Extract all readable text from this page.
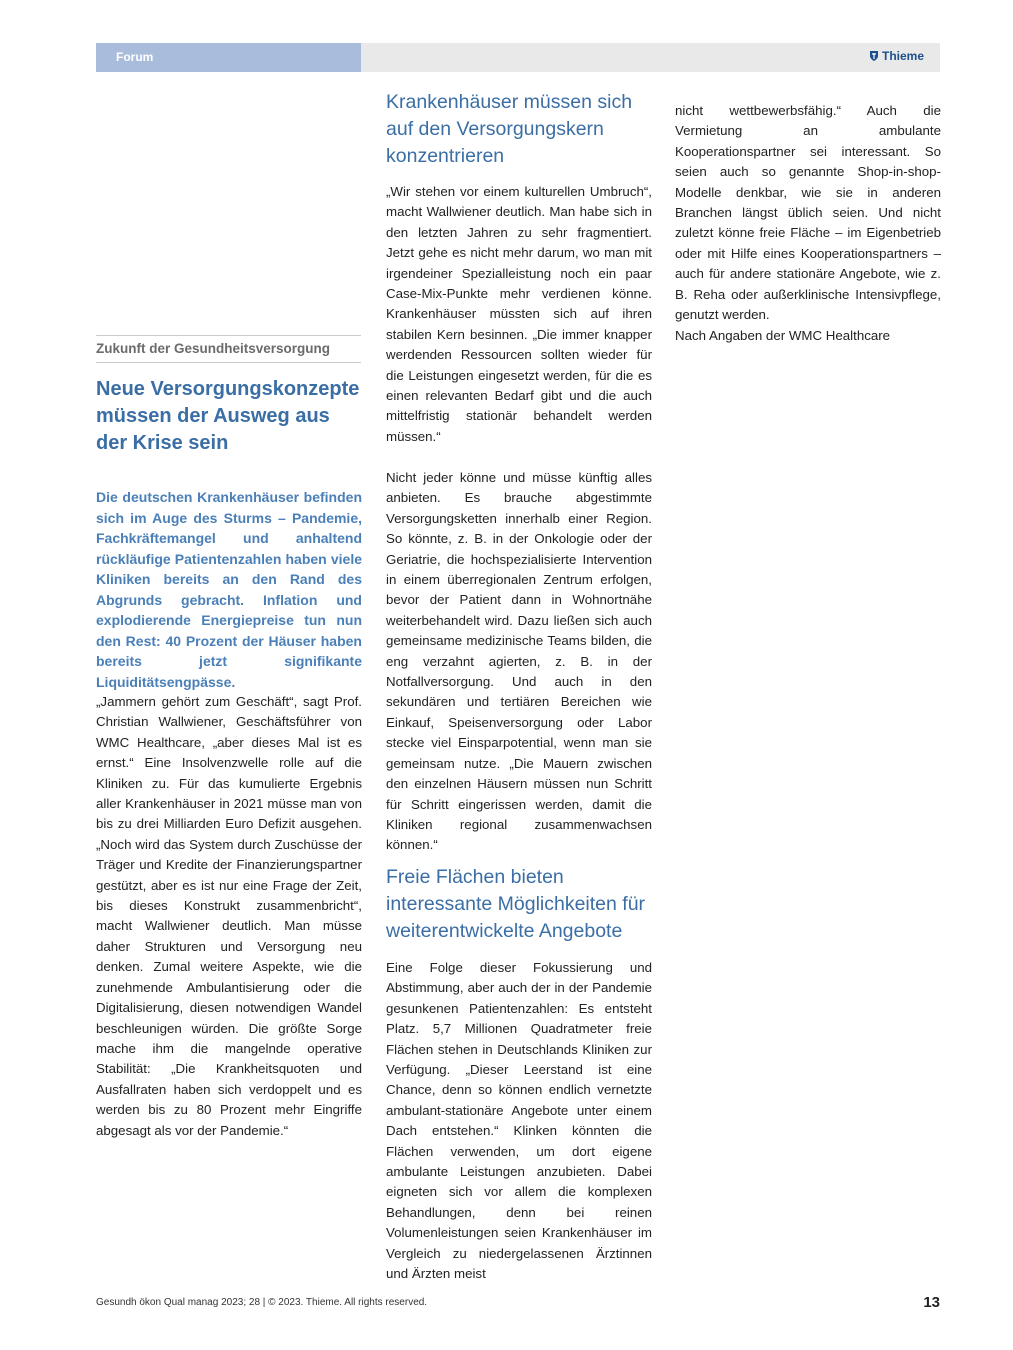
Forum	Thieme
Zukunft der Gesundheitsversorgung
Neue Versorgungskonzepte müssen der Ausweg aus der Krise sein

Die deutschen Krankenhäuser befinden sich im Auge des Sturms – Pandemie, Fachkräftemangel und anhaltend rückläufige Patientenzahlen haben viele Kliniken bereits an den Rand des Abgrunds gebracht. Inflation und explodierende Energiepreise tun nun den Rest: 40 Prozent der Häuser haben bereits jetzt signifikante Liquiditätsengpässe.

„Jammern gehört zum Geschäft“, sagt Prof. Christian Wallwiener, Geschäftsführer von WMC Healthcare, „aber dieses Mal ist es ernst.“ Eine Insolvenzwelle rolle auf die Kliniken zu. Für das kumulierte Ergebnis aller Krankenhäuser in 2021 müsse man von bis zu drei Milliarden Euro Defizit ausgehen. „Noch wird das System durch Zuschüsse der Träger und Kredite der Finanzierungspartner gestützt, aber es ist nur eine Frage der Zeit, bis dieses Konstrukt zusammenbricht“, macht Wallwiener deutlich. Man müsse daher Strukturen und Versorgung neu denken. Zumal weitere Aspekte, wie die zunehmende Ambulantisierung oder die Digitalisierung, diesen notwendigen Wandel beschleunigen würden. Die größte Sorge mache ihm die mangelnde operative Stabilität: „Die Krankheitsquoten und Ausfallraten haben sich verdoppelt und es werden bis zu 80 Prozent mehr Eingriffe abgesagt als vor der Pandemie.“

Krankenhäuser müssen sich auf den Versorgungskern konzentrieren

„Wir stehen vor einem kulturellen Umbruch“, macht Wallwiener deutlich. Man habe sich in den letzten Jahren zu sehr fragmentiert. Jetzt gehe es nicht mehr darum, wo man mit irgendeiner Spezialleistung noch ein paar Case-Mix-Punkte mehr verdienen könne. Krankenhäuser müssten sich auf ihren stabilen Kern besinnen. „Die immer knapper werdenden Ressourcen sollten wieder für die Leistungen eingesetzt werden, für die es einen relevanten Bedarf gibt und die auch mittelfristig stationär behandelt werden müssen.“

Nicht jeder könne und müsse künftig alles anbieten. Es brauche abgestimmte Versorgungsketten innerhalb einer Region. So könnte, z. B. in der Onkologie oder der Geriatrie, die hochspezialisierte Intervention in einem überregionalen Zentrum erfolgen, bevor der Patient dann in Wohnortnähe weiterbehandelt wird. Dazu ließen sich auch gemeinsame medizinische Teams bilden, die eng verzahnt agierten, z. B. in der Notfallversorgung. Und auch in den sekundären und tertiären Bereichen wie Einkauf, Speisenversorgung oder Labor stecke viel Einsparpotential, wenn man sie gemeinsam nutze. „Die Mauern zwischen den einzelnen Häusern müssen nun Schritt für Schritt eingerissen werden, damit die Kliniken regional zusammenwachsen können.“

Freie Flächen bieten interessante Möglichkeiten für weiterentwickelte Angebote

Eine Folge dieser Fokussierung und Abstimmung, aber auch der in der Pandemie gesunkenen Patientenzahlen: Es entsteht Platz. 5,7 Millionen Quadratmeter freie Flächen stehen in Deutschlands Kliniken zur Verfügung. „Dieser Leerstand ist eine Chance, denn so können endlich vernetzte ambulant-stationäre Angebote unter einem Dach entstehen.“ Klinken könnten die Flächen verwenden, um dort eigene ambulante Leistungen anzubieten. Dabei eigneten sich vor allem die komplexen Behandlungen, denn bei reinen Volumenleistungen seien Krankenhäuser im Vergleich zu niedergelassenen Ärztinnen und Ärzten meist

nicht wettbewerbsfähig.“ Auch die Vermietung an ambulante Kooperationspartner sei interessant. So seien auch so genannte Shop-in-shop-Modelle denkbar, wie sie in anderen Branchen längst üblich seien. Und nicht zuletzt könne freie Fläche – im Eigenbetrieb oder mit Hilfe eines Kooperationspartners – auch für andere stationäre Angebote, wie z. B. Reha oder außerklinische Intensivpflege, genutzt werden.

Nach Angaben der WMC Healthcare

Gesundh ökon Qual manag 2023; 28 | © 2023. Thieme. All rights reserved.	13
